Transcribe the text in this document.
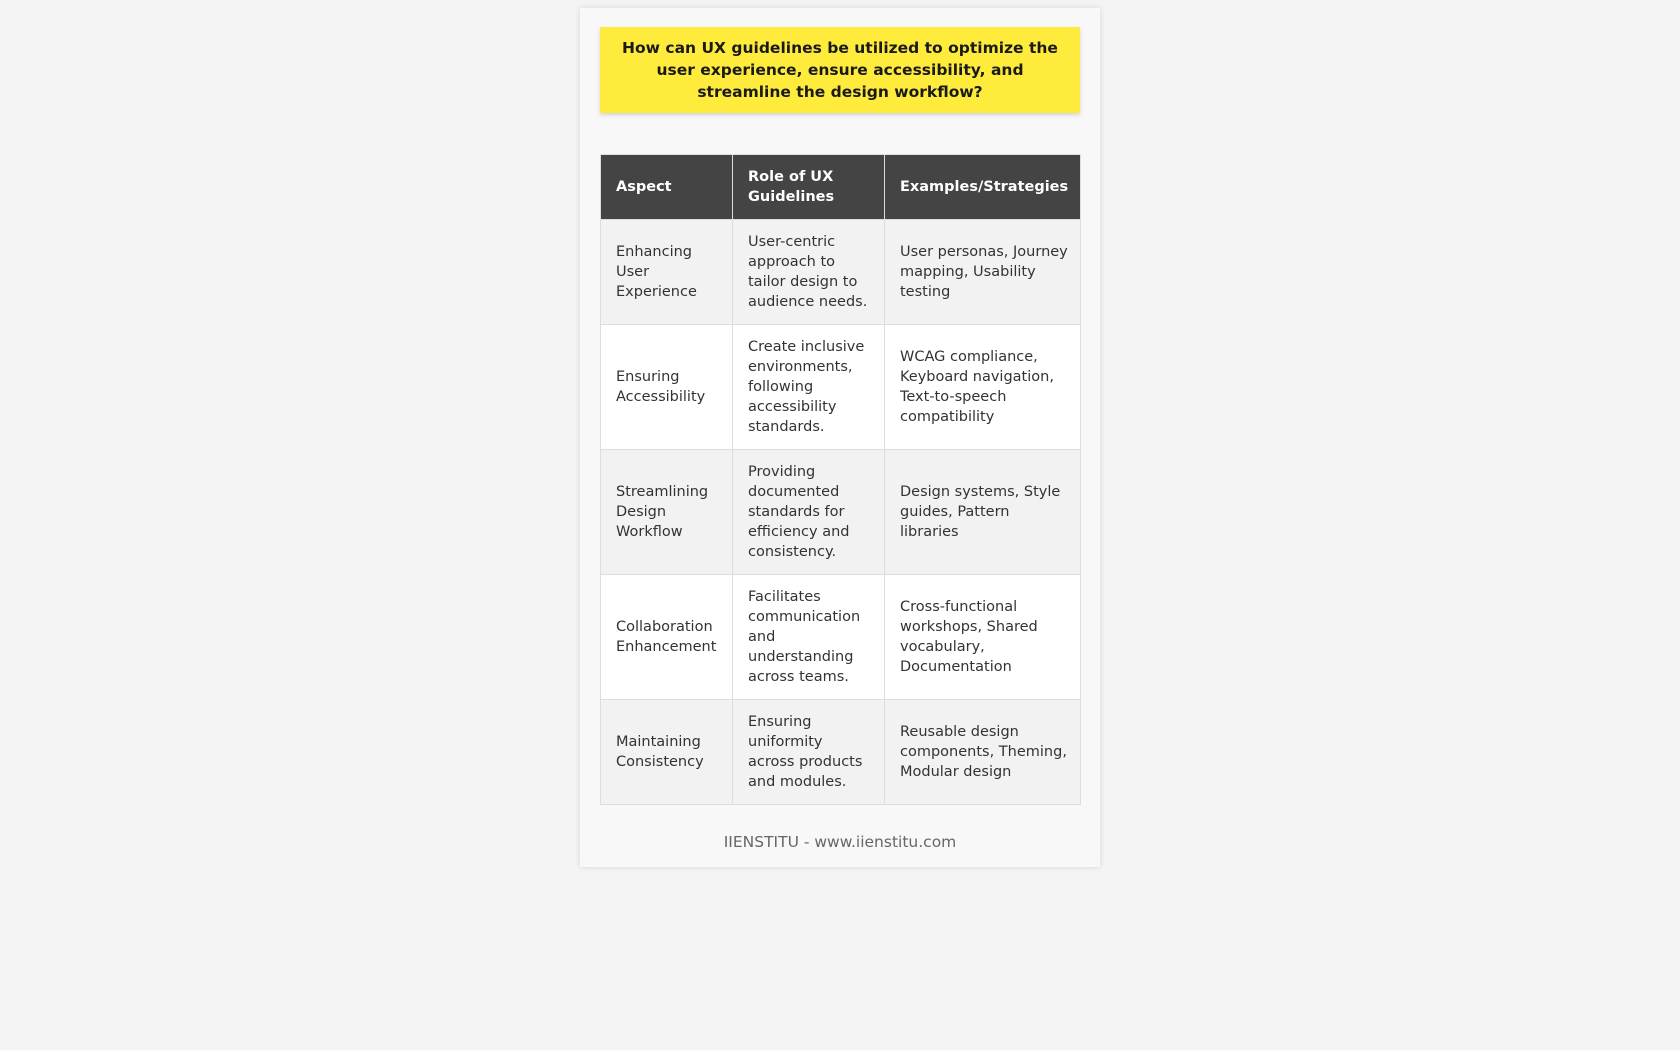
How can UX guidelines be utilized to optimize the user experience, ensure accessibility, and streamline the design workflow?
Aspect	Role of UX Guidelines	Examples/Strategies
Enhancing User Experience	User-centric approach to tailor design to audience needs.	User personas, Journey mapping, Usability testing
Ensuring Accessibility	Create inclusive environments, following accessibility standards.	WCAG compliance, Keyboard navigation, Text-to-speech compatibility
Streamlining Design Workflow	Providing documented standards for efficiency and consistency.	Design systems, Style guides, Pattern libraries
Collaboration Enhancement	Facilitates communication and understanding across teams.	Cross-functional workshops, Shared vocabulary, Documentation
Maintaining Consistency	Ensuring uniformity across products and modules.	Reusable design components, Theming, Modular design
IIENSTITU - www.iienstitu.com
